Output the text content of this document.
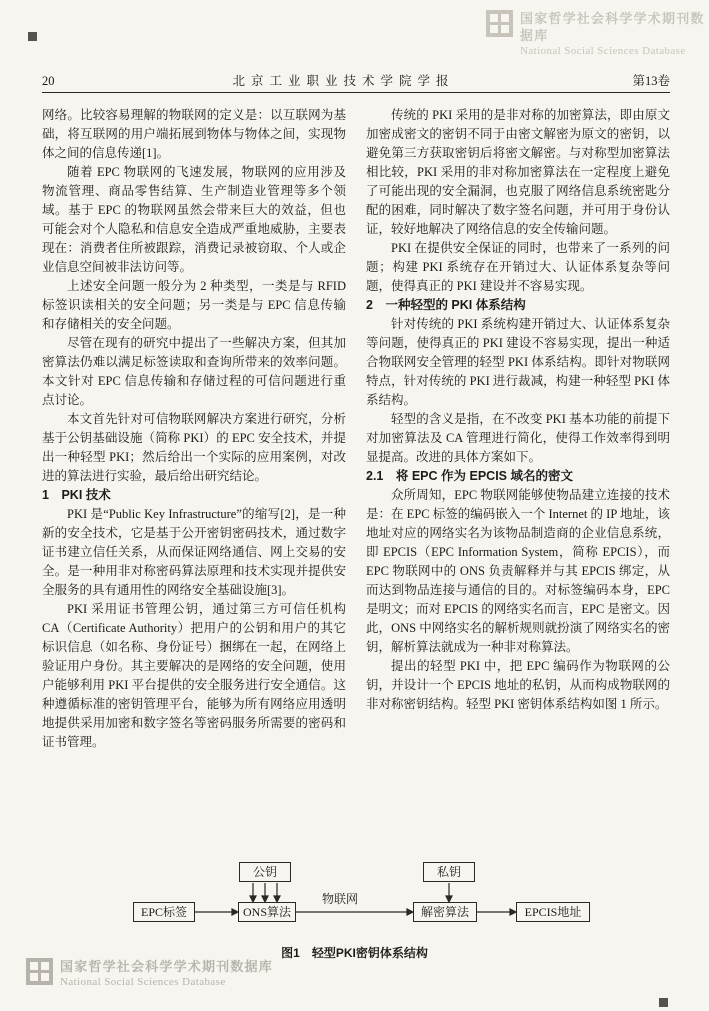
国家哲学社会科学学术期刊数据库
National Social Sciences Database
20	北京工业职业技术学院学报	第13卷

网络。比较容易理解的物联网的定义是：以互联网为基础，将互联网的用户端拓展到物体与物体之间，实现物体之间的信息传递[1]。

随着 EPC 物联网的飞速发展，物联网的应用涉及物流管理、商品零售结算、生产制造业管理等多个领域。基于 EPC 的物联网虽然会带来巨大的效益，但也可能会对个人隐私和信息安全造成严重地威胁，主要表现在：消费者住所被跟踪，消费记录被窃取、个人或企业信息空间被非法访问等。

上述安全问题一般分为 2 种类型，一类是与 RFID 标签识读相关的安全问题；另一类是与 EPC 信息传输和存储相关的安全问题。

尽管在现有的研究中提出了一些解决方案，但其加密算法仍难以满足标签读取和查询所带来的效率问题。本文针对 EPC 信息传输和存储过程的可信问题进行重点讨论。

本文首先针对可信物联网解决方案进行研究，分析基于公钥基础设施（简称 PKI）的 EPC 安全技术，并提出一种轻型 PKI；然后给出一个实际的应用案例，对改进的算法进行实验，最后给出研究结论。

1　PKI 技术

PKI 是“Public Key Infrastructure”的缩写[2]，是一种新的安全技术，它是基于公开密钥密码技术，通过数字证书建立信任关系，从而保证网络通信、网上交易的安全。是一种用非对称密码算法原理和技术实现并提供安全服务的具有通用性的网络安全基础设施[3]。

PKI 采用证书管理公钥，通过第三方可信任机构 CA（Certificate Authority）把用户的公钥和用户的其它标识信息（如名称、身份证号）捆绑在一起，在网络上验证用户身份。其主要解决的是网络的安全问题，使用户能够利用 PKI 平台提供的安全服务进行安全通信。这种遵循标准的密钥管理平台，能够为所有网络应用透明地提供采用加密和数字签名等密码服务所需要的密码和证书管理。

传统的 PKI 采用的是非对称的加密算法，即由原文加密成密文的密钥不同于由密文解密为原文的密钥，以避免第三方获取密钥后将密文解密。与对称型加密算法相比较，PKI 采用的非对称加密算法在一定程度上避免了可能出现的安全漏洞，也克服了网络信息系统密匙分配的困难，同时解决了数字签名问题，并可用于身份认证，较好地解决了网络信息的安全传输问题。

PKI 在提供安全保证的同时，也带来了一系列的问题；构建 PKI 系统存在开销过大、认证体系复杂等问题，使得真正的 PKI 建设并不容易实现。

2　一种轻型的 PKI 体系结构

针对传统的 PKI 系统构建开销过大、认证体系复杂等问题，使得真正的 PKI 建设不容易实现，提出一种适合物联网安全管理的轻型 PKI 体系结构。即针对物联网特点，针对传统的 PKI 进行裁减，构建一种轻型 PKI 体系结构。

轻型的含义是指，在不改变 PKI 基本功能的前提下对加密算法及 CA 管理进行简化，使得工作效率得到明显提高。改进的具体方案如下。

2.1　将 EPC 作为 EPCIS 域名的密文

众所周知，EPC 物联网能够使物品建立连接的技术是：在 EPC 标签的编码嵌入一个 Internet 的 IP 地址，该地址对应的网络实名为该物品制造商的企业信息系统，即 EPCIS（EPC Information System，简称 EPCIS），而 EPC 物联网中的 ONS 负责解释并与其 EPCIS 绑定，从而达到物品连接与通信的目的。对标签编码本身，EPC 是明文；而对 EPCIS 的网络实名而言，EPC 是密文。因此，ONS 中网络实名的解析规则就扮演了网络实名的密钥，解析算法就成为一种非对称算法。

提出的轻型 PKI 中，把 EPC 编码作为物联网的公钥，并设计一个 EPCIS 地址的私钥，从而构成物联网的非对称密钥结构。轻型 PKI 密钥体系结构如图 1 所示。

公钥	私钥
EPC标签	ONS算法	解密算法	EPCIS地址
物联网
图1　轻型PKI密钥体系结构
国家哲学社会科学学术期刊数据库
National Social Sciences Database
